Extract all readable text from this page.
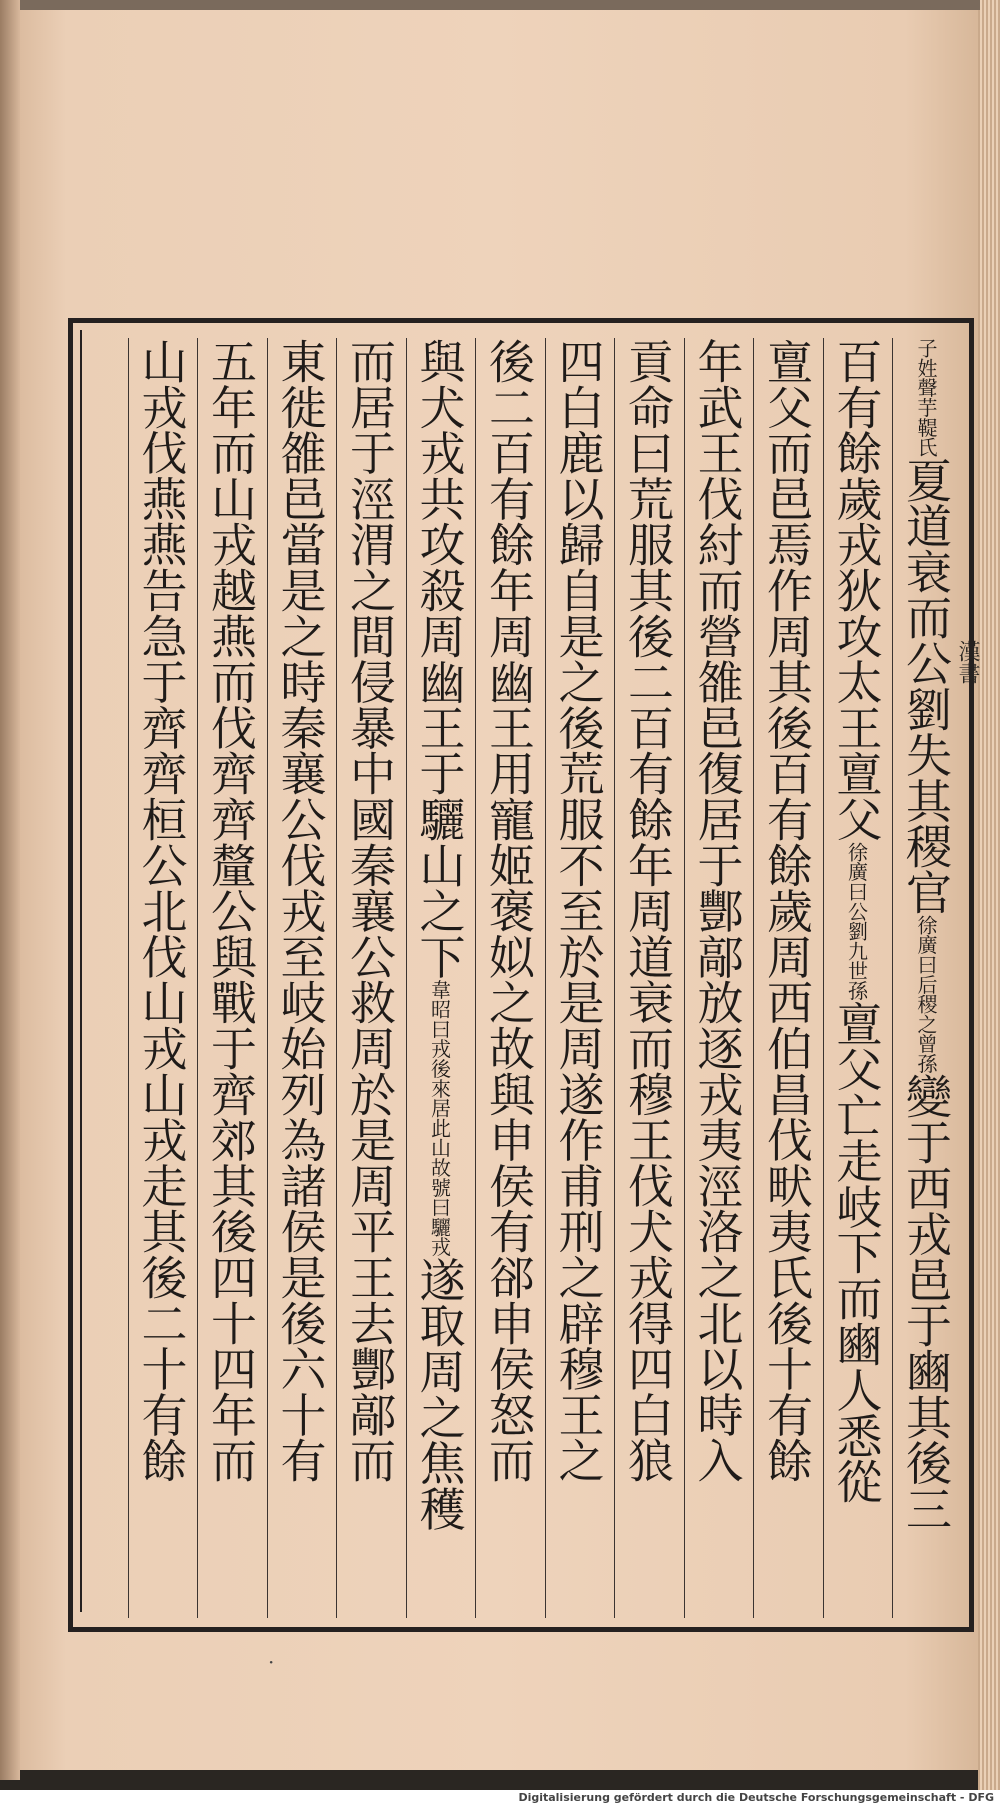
漢書
子姓聲芋鞮氏夏道衰而公劉失其稷官徐廣曰后稷之曾孫變于西戎邑于豳其後三
百有餘歲戎狄攻太王亶父徐廣曰公劉九世孫亶父亡走岐下而豳人悉從
亶父而邑焉作周其後百有餘歲周西伯昌伐畎夷氏後十有餘
年武王伐紂而營雒邑復居于酆鄗放逐戎夷涇洛之北以時入
貢命曰荒服其後二百有餘年周道衰而穆王伐犬戎得四白狼
四白鹿以歸自是之後荒服不至於是周遂作甫刑之辟穆王之
後二百有餘年周幽王用寵姬褒姒之故與申侯有郤申侯怒而
與犬戎共攻殺周幽王于驪山之下韋昭曰戎後來居此山故號曰驪戎遂取周之焦穫
而居于涇渭之間侵暴中國秦襄公救周於是周平王去酆鄗而
東徙雒邑當是之時秦襄公伐戎至岐始列為諸侯是後六十有
五年而山戎越燕而伐齊齊釐公與戰于齊郊其後四十四年而
山戎伐燕燕告急于齊齊桓公北伐山戎山戎走其後二十有餘
·
Digitalisierung gefördert durch die Deutsche Forschungsgemeinschaft - DFG
